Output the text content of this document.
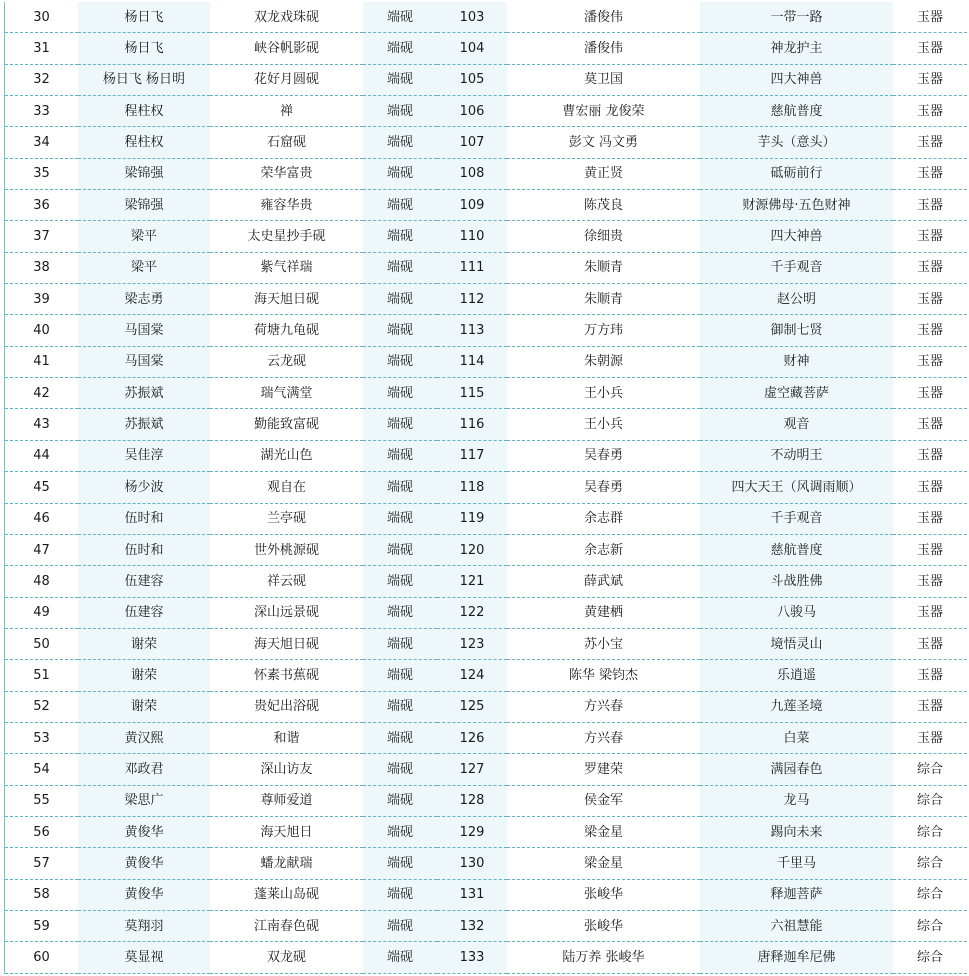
30	杨日飞	双龙戏珠砚	端砚	103	潘俊伟	一带一路	玉器
31	杨日飞	峡谷帆影砚	端砚	104	潘俊伟	神龙护主	玉器
32	杨日飞 杨日明	花好月圆砚	端砚	105	莫卫国	四大神兽	玉器
33	程柱权	禅	端砚	106	曹宏丽 龙俊荣	慈航普度	玉器
34	程柱权	石窟砚	端砚	107	彭文 冯文勇	芋头（意头）	玉器
35	梁锦强	荣华富贵	端砚	108	黄正贤	砥砺前行	玉器
36	梁锦强	雍容华贵	端砚	109	陈茂良	财源佛母·五色财神	玉器
37	梁平	太史星抄手砚	端砚	110	徐细贵	四大神兽	玉器
38	梁平	紫气祥瑞	端砚	111	朱顺青	千手观音	玉器
39	梁志勇	海天旭日砚	端砚	112	朱顺青	赵公明	玉器
40	马国棠	荷塘九龟砚	端砚	113	万方玮	御制七贤	玉器
41	马国棠	云龙砚	端砚	114	朱朝源	财神	玉器
42	苏振斌	瑞气满堂	端砚	115	王小兵	虚空藏菩萨	玉器
43	苏振斌	勤能致富砚	端砚	116	王小兵	观音	玉器
44	吴佳淳	湖光山色	端砚	117	吴春勇	不动明王	玉器
45	杨少波	观自在	端砚	118	吴春勇	四大天王（风调雨顺）	玉器
46	伍时和	兰亭砚	端砚	119	余志群	千手观音	玉器
47	伍时和	世外桃源砚	端砚	120	余志新	慈航普度	玉器
48	伍建容	祥云砚	端砚	121	薛武斌	斗战胜佛	玉器
49	伍建容	深山远景砚	端砚	122	黄建栖	八骏马	玉器
50	谢荣	海天旭日砚	端砚	123	苏小宝	境悟灵山	玉器
51	谢荣	怀素书蕉砚	端砚	124	陈华 梁钧杰	乐逍遥	玉器
52	谢荣	贵妃出浴砚	端砚	125	方兴春	九莲圣境	玉器
53	黄汉熙	和谐	端砚	126	方兴春	白菜	玉器
54	邓政君	深山访友	端砚	127	罗建荣	满园春色	综合
55	梁思广	尊师爱道	端砚	128	侯金军	龙马	综合
56	黄俊华	海天旭日	端砚	129	梁金星	踢向未来	综合
57	黄俊华	蟠龙献瑞	端砚	130	梁金星	千里马	综合
58	黄俊华	蓬莱山岛砚	端砚	131	张峻华	释迦菩萨	综合
59	莫翔羽	江南春色砚	端砚	132	张峻华	六祖慧能	综合
60	莫显视	双龙砚	端砚	133	陆万养 张峻华	唐释迦牟尼佛	综合
